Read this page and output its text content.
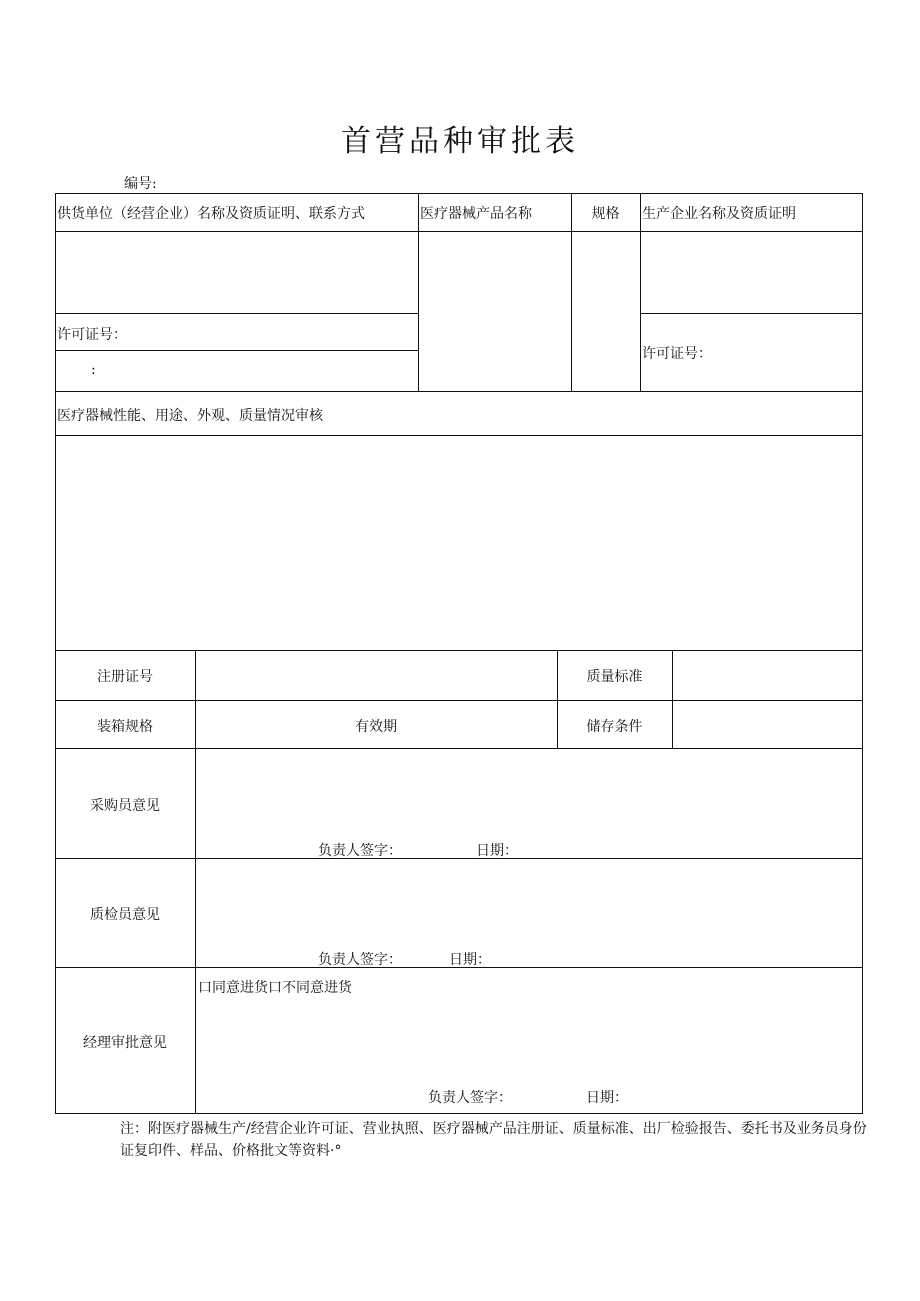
首营品种审批表
编号:
供货单位（经营企业）名称及资质证明、联系方式	医疗器械产品名称	规格	生产企业名称及资质证明
许可证号：
:
许可证号：
医疗器械性能、用途、外观、质量情况审核
注册证号	质量标准
装箱规格	有效期	储存条件
采购员意见
负责人签字：	日期：
质检员意见
负责人签字：	日期：
经理审批意见
口同意进货口不同意进货
负责人签字：	日期：
注：附医疗器械生产/经营企业许可证、营业执照、医疗器械产品注册证、质量标准、出厂检验报告、委托书及业务员身份证复印件、样品、价格批文等资料·°
